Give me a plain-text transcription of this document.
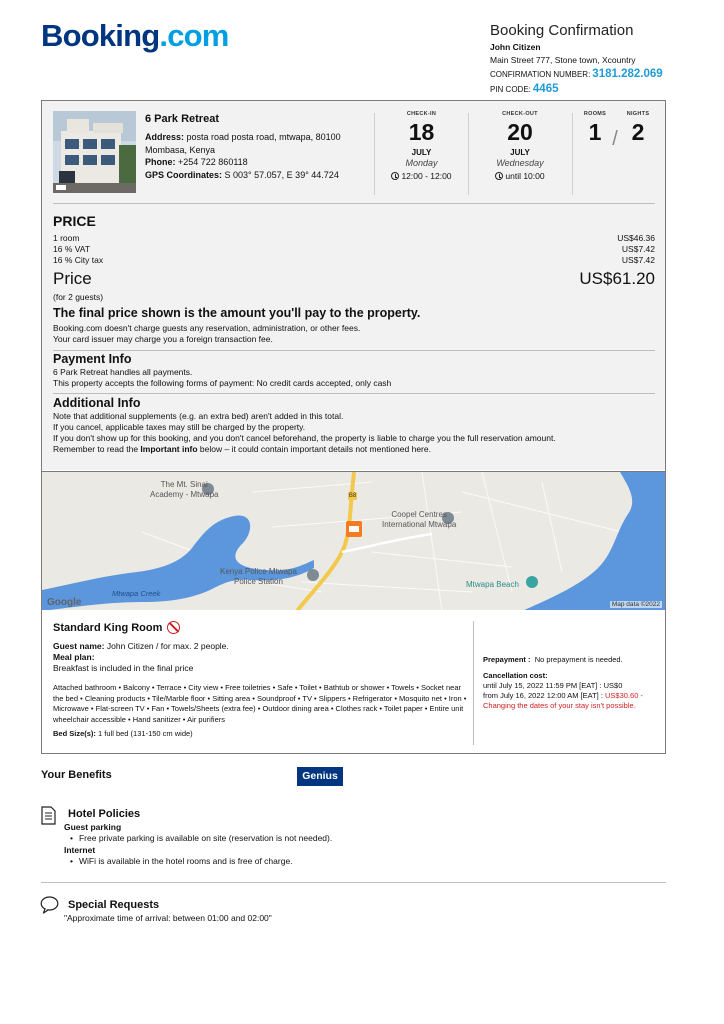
Booking.com	Booking Confirmation
John Citizen
Main Street 777, Stone town, Xcountry
CONFIRMATION NUMBER: 3181.282.069
PIN CODE: 4465
6 Park Retreat
Address: posta road posta road, mtwapa, 80100 Mombasa, Kenya
Phone: +254 722 860118
GPS Coordinates: S 003° 57.057, E 39° 44.724
CHECK-IN
18
JULY
Monday
12:00 - 12:00
CHECK-OUT
20
JULY
Wednesday
until 10:00
ROOMS
1 /
NIGHTS
2
PRICE
1 room	US$46.36
16 % VAT	US$7.42
16 % City tax	US$7.42
Price	US$61.20
(for 2 guests)
The final price shown is the amount you'll pay to the property.
Booking.com doesn't charge guests any reservation, administration, or other fees.
Your card issuer may charge you a foreign transaction fee.
Payment Info
6 Park Retreat handles all payments.
This property accepts the following forms of payment: No credit cards accepted, only cash
Additional Info
Note that additional supplements (e.g. an extra bed) aren't added in this total.
If you cancel, applicable taxes may still be charged by the property.
If you don't show up for this booking, and you don't cancel beforehand, the property is liable to charge you the full reservation amount.
Remember to read the Important info below – it could contain important details not mentioned here.
The Mt. Sinai
Academy - Mtwapa
Coopel Centres
International Mtwapa
Kenya Police Mtwapa
Police Station	Mtwapa Beach
Mtwapa Creek
B8
Google	Map data ©2022
Standard King Room
Guest name: John Citizen / for max. 2 people.
Meal plan:
Breakfast is included in the final price
Attached bathroom • Balcony • Terrace • City view • Free toiletries • Safe • Toilet • Bathtub or shower • Towels • Socket near the bed • Cleaning products • Tile/Marble floor • Sitting area • Soundproof • TV • Slippers • Refrigerator • Mosquito net • Iron • Microwave • Flat-screen TV • Fan • Towels/Sheets (extra fee) • Outdoor dining area • Clothes rack • Toilet paper • Entire unit wheelchair accessible • Hand sanitizer • Air purifiers
Bed Size(s): 1 full bed (131-150 cm wide)
Prepayment : No prepayment is needed.
Cancellation cost:
until July 15, 2022 11:59 PM [EAT] : US$0
from July 16, 2022 12:00 AM [EAT] : US$30.60 -
Changing the dates of your stay isn't possible.
Your Benefits	Genius
Hotel Policies
Guest parking
• Free private parking is available on site (reservation is not needed).
Internet
• WiFi is available in the hotel rooms and is free of charge.
Special Requests
"Approximate time of arrival: between 01:00 and 02:00"
